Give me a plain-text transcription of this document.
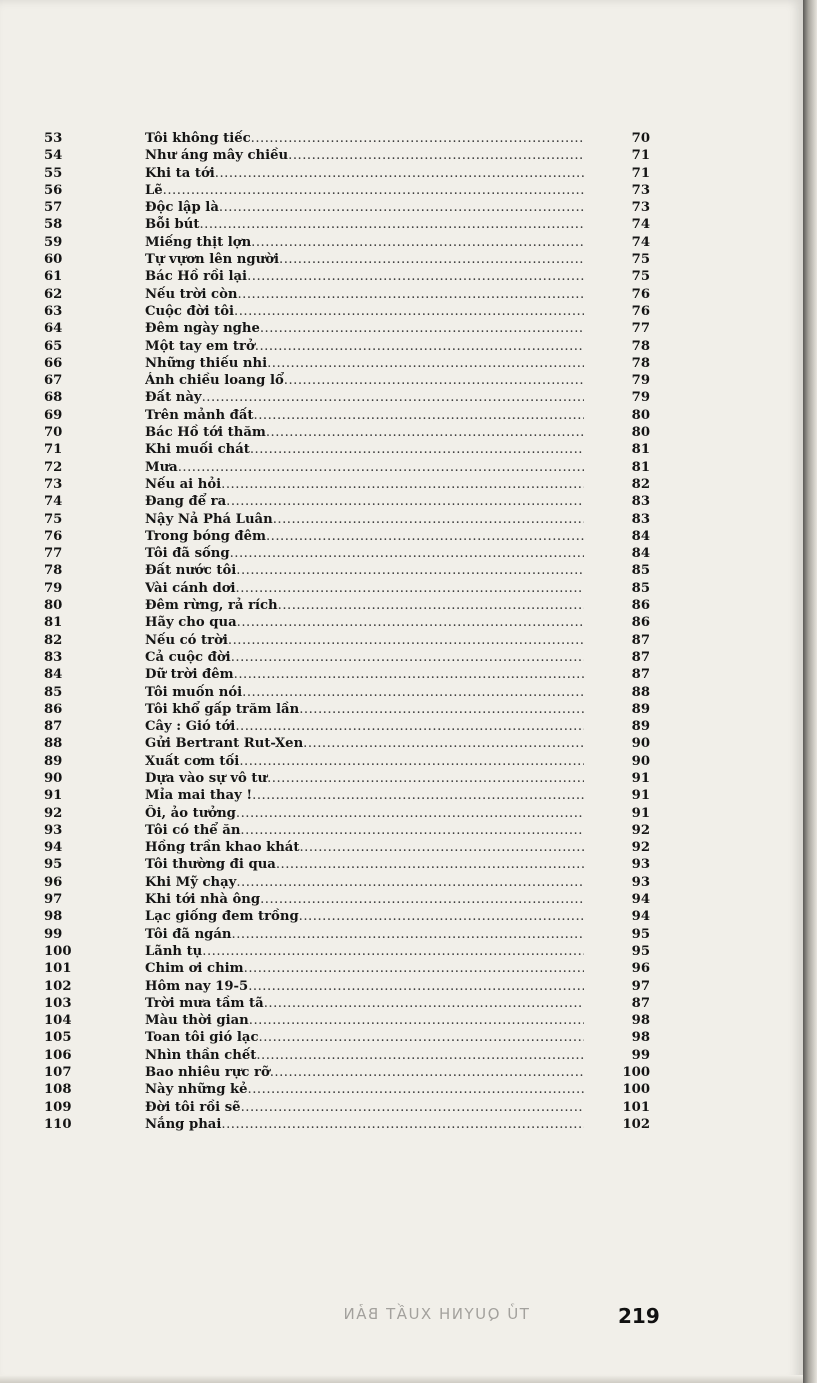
53	Tôi không tiếc .....	70
54	Như áng mây chiều .....	71
55	Khi ta tới .....	71
56	Lẽ .....	73
57	Độc lập là .....	73
58	Bỗi bút .....	74
59	Miếng thịt lợn .....	74
60	Tự vựơn lên người .....	75
61	Bác Hồ rồi lại .....	75
62	Nếu trời còn .....	76
63	Cuộc đời tôi .....	76
64	Đêm ngày nghe .....	77
65	Một tay em trở .....	78
66	Những thiếu nhi .....	78
67	Ánh chiều loang lổ .....	79
68	Đất này .....	79
69	Trên mảnh đất .....	80
70	Bác Hồ tới thăm .....	80
71	Khi muối chát .....	81
72	Mưa .....	81
73	Nếu ai hỏi .....	82
74	Đang để ra .....	83
75	Nậy Nả Phá Luân .....	83
76	Trong bóng đêm .....	84
77	Tôi đã sống .....	84
78	Đất nước tôi .....	85
79	Vài cánh dơi .....	85
80	Đêm rừng, rả rích .....	86
81	Hãy cho qua .....	86
82	Nếu có trời .....	87
83	Cả cuộc đời .....	87
84	Dữ trời đêm .....	87
85	Tôi muốn nói .....	88
86	Tôi khổ gấp trăm lần .....	89
87	Cây : Gió tới .....	89
88	Gửi Bertrant Rut-Xen .....	90
89	Xuất cơm tối .....	90
90	Dựa vào sự vô tư .....	91
91	Mỉa mai thay ! .....	91
92	Ôi, ảo tưởng .....	91
93	Tôi có thể ăn .....	92
94	Hồng trần khao khát .....	92
95	Tôi thường đi qua .....	93
96	Khi Mỹ chạy .....	93
97	Khi tới nhà ông .....	94
98	Lạc giống đem trồng .....	94
99	Tôi đã ngán .....	95
100	Lãnh tụ .....	95
101	Chim ơi chim .....	96
102	Hôm nay 19-5 .....	97
103	Trời mưa tầm tã .....	87
104	Màu thời gian .....	98
105	Toan tôi gió lạc .....	98
106	Nhìn thần chết .....	99
107	Bao nhiêu rực rỡ .....	100
108	Này những kẻ .....	100
109	Đời tôi rồi sẽ .....	101
110	Nắng phai .....	102
TỦ QUYNH XUẤT BẢN	219
